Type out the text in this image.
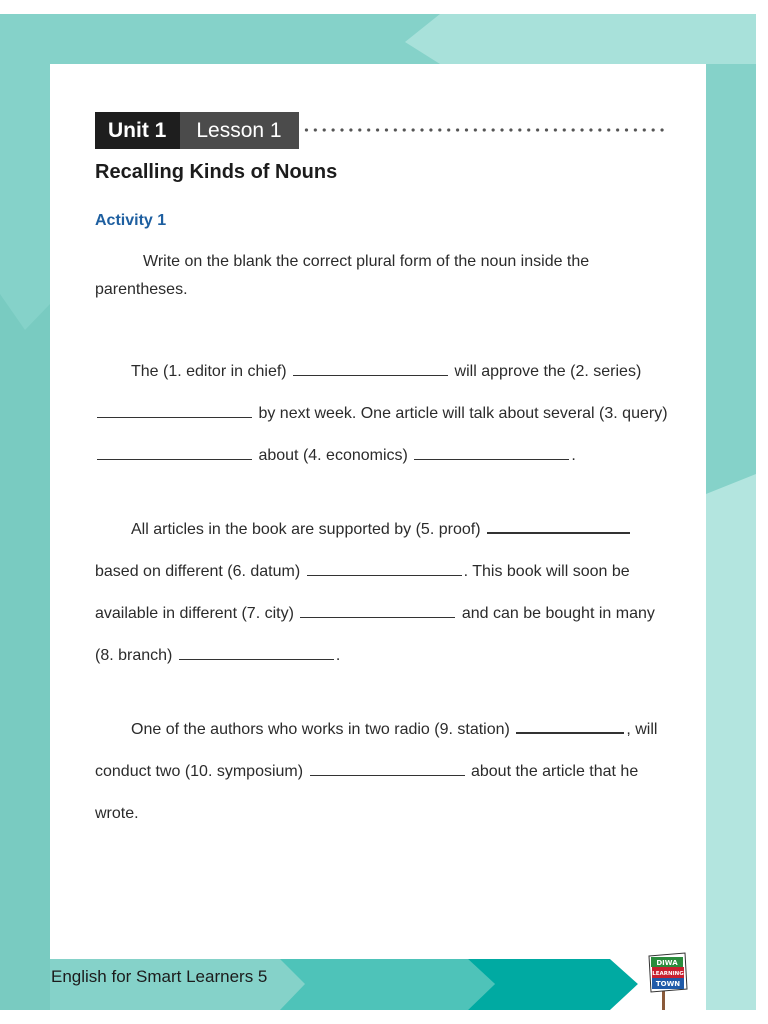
Unit 1	Lesson 1
Recalling Kinds of Nouns
Activity 1

Write on the blank the correct plural form of the noun inside the parentheses.

The (1. editor in chief)	will approve the (2. series)  by next week. One article will talk about several (3. query)  about (4. economics)	.

All articles in the book are supported by (5. proof)  based on different (6. datum)	. This book will soon be available in different (7. city)	and can be bought in many (8. branch)	.

One of the authors who works in two radio (9. station)	, will conduct two (10. symposium)	about the article that he wrote.

English for Smart Learners 5
DIWA
LEARNING
TOWN
